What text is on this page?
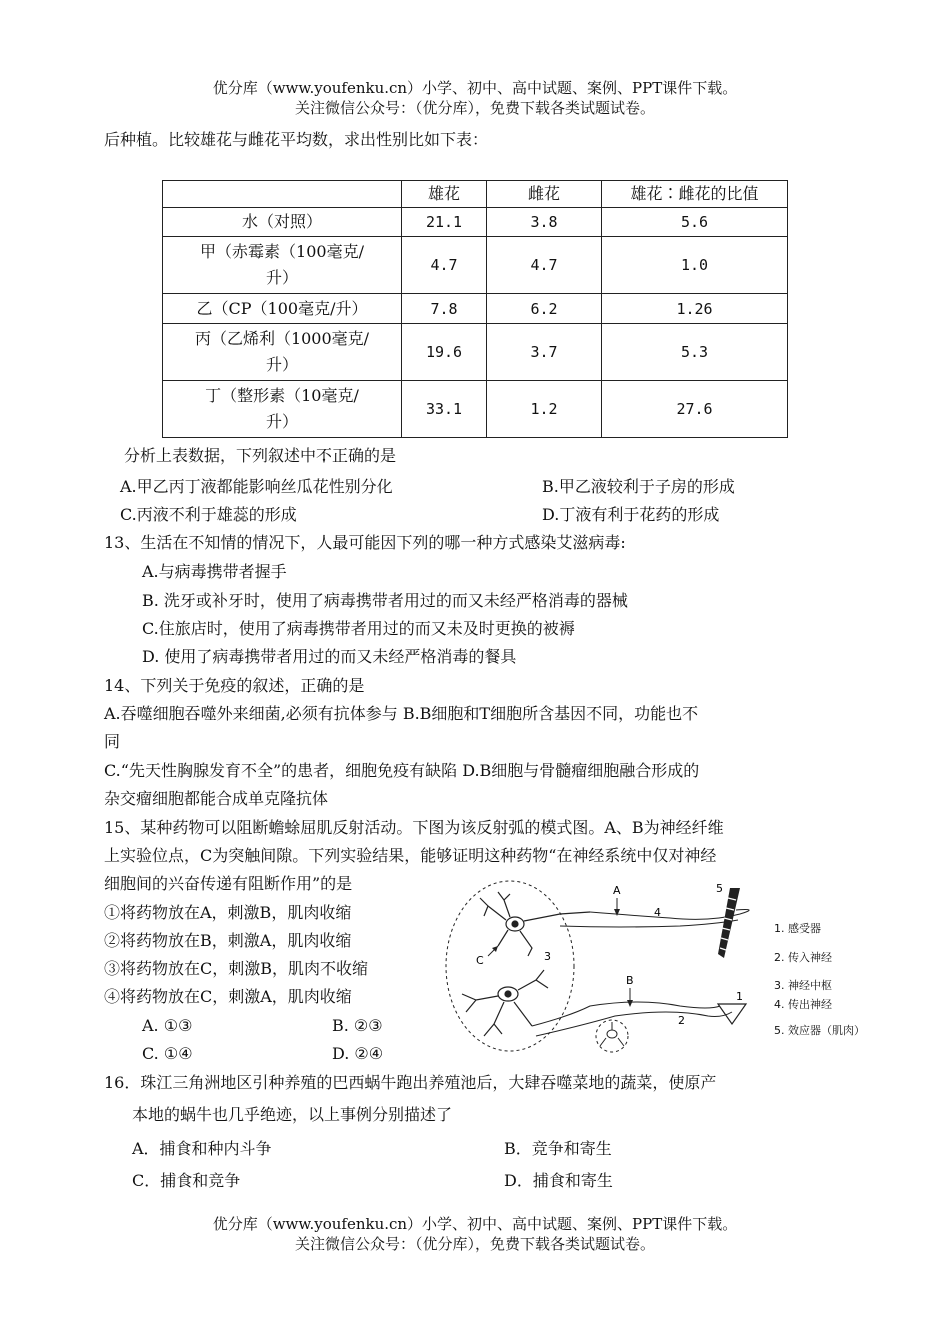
优分库（www.youfenku.cn）小学、初中、高中试题、案例、PPT课件下载。
关注微信公众号：（优分库），免费下载各类试题试卷。
后种植。比较雄花与雌花平均数，求出性别比如下表：
	雄花	雌花	雄花∶雌花的比值
水（对照）	21.1	3.8	5.6
甲（赤霉素（100毫克/
升）	4.7	4.7	1.0
乙（CP（100毫克/升）	7.8	6.2	1.26
丙（乙烯利（1000毫克/
升）	19.6	3.7	5.3
丁（整形素（10毫克/
升）	33.1	1.2	27.6
分析上表数据，下列叙述中不正确的是
A.甲乙丙丁液都能影响丝瓜花性别分化	B.甲乙液较利于子房的形成
C.丙液不利于雄蕊的形成	D.丁液有利于花药的形成
13、生活在不知情的情况下，人最可能因下列的哪一种方式感染艾滋病毒:
A.与病毒携带者握手
B. 洗牙或补牙时，使用了病毒携带者用过的而又未经严格消毒的器械
C.住旅店时，使用了病毒携带者用过的而又未及时更换的被褥
D. 使用了病毒携带者用过的而又未经严格消毒的餐具
14、下列关于免疫的叙述，正确的是
A.吞噬细胞吞噬外来细菌,必须有抗体参与 B.B细胞和T细胞所含基因不同，功能也不
同
C.“先天性胸腺发育不全”的患者，细胞免疫有缺陷 D.B细胞与骨髓瘤细胞融合形成的
杂交瘤细胞都能合成单克隆抗体
15、某种药物可以阻断蟾蜍屈肌反射活动。下图为该反射弧的模式图。A、B为神经纤维
上实验位点，C为突触间隙。下列实验结果，能够证明这种药物“在神经系统中仅对神经
细胞间的兴奋传递有阻断作用”的是
①将药物放在A，刺激B，肌肉收缩
②将药物放在B，刺激A，肌肉收缩
③将药物放在C，刺激B，肌肉不收缩
④将药物放在C，刺激A，肌肉收缩
A. ①③	B. ②③
C. ①④	D. ②④
C	3
4
A	5
2
B
1
1. 感受器
2. 传入神经
3. 神经中枢
4. 传出神经
5. 效应器（肌肉）
16．珠江三角洲地区引种养殖的巴西蜗牛跑出养殖池后，大肆吞噬菜地的蔬菜，使原产
本地的蜗牛也几乎绝迹，以上事例分别描述了
A．捕食和种内斗争	B．竞争和寄生
C．捕食和竞争	D．捕食和寄生
优分库（www.youfenku.cn）小学、初中、高中试题、案例、PPT课件下载。
关注微信公众号：（优分库），免费下载各类试题试卷。
